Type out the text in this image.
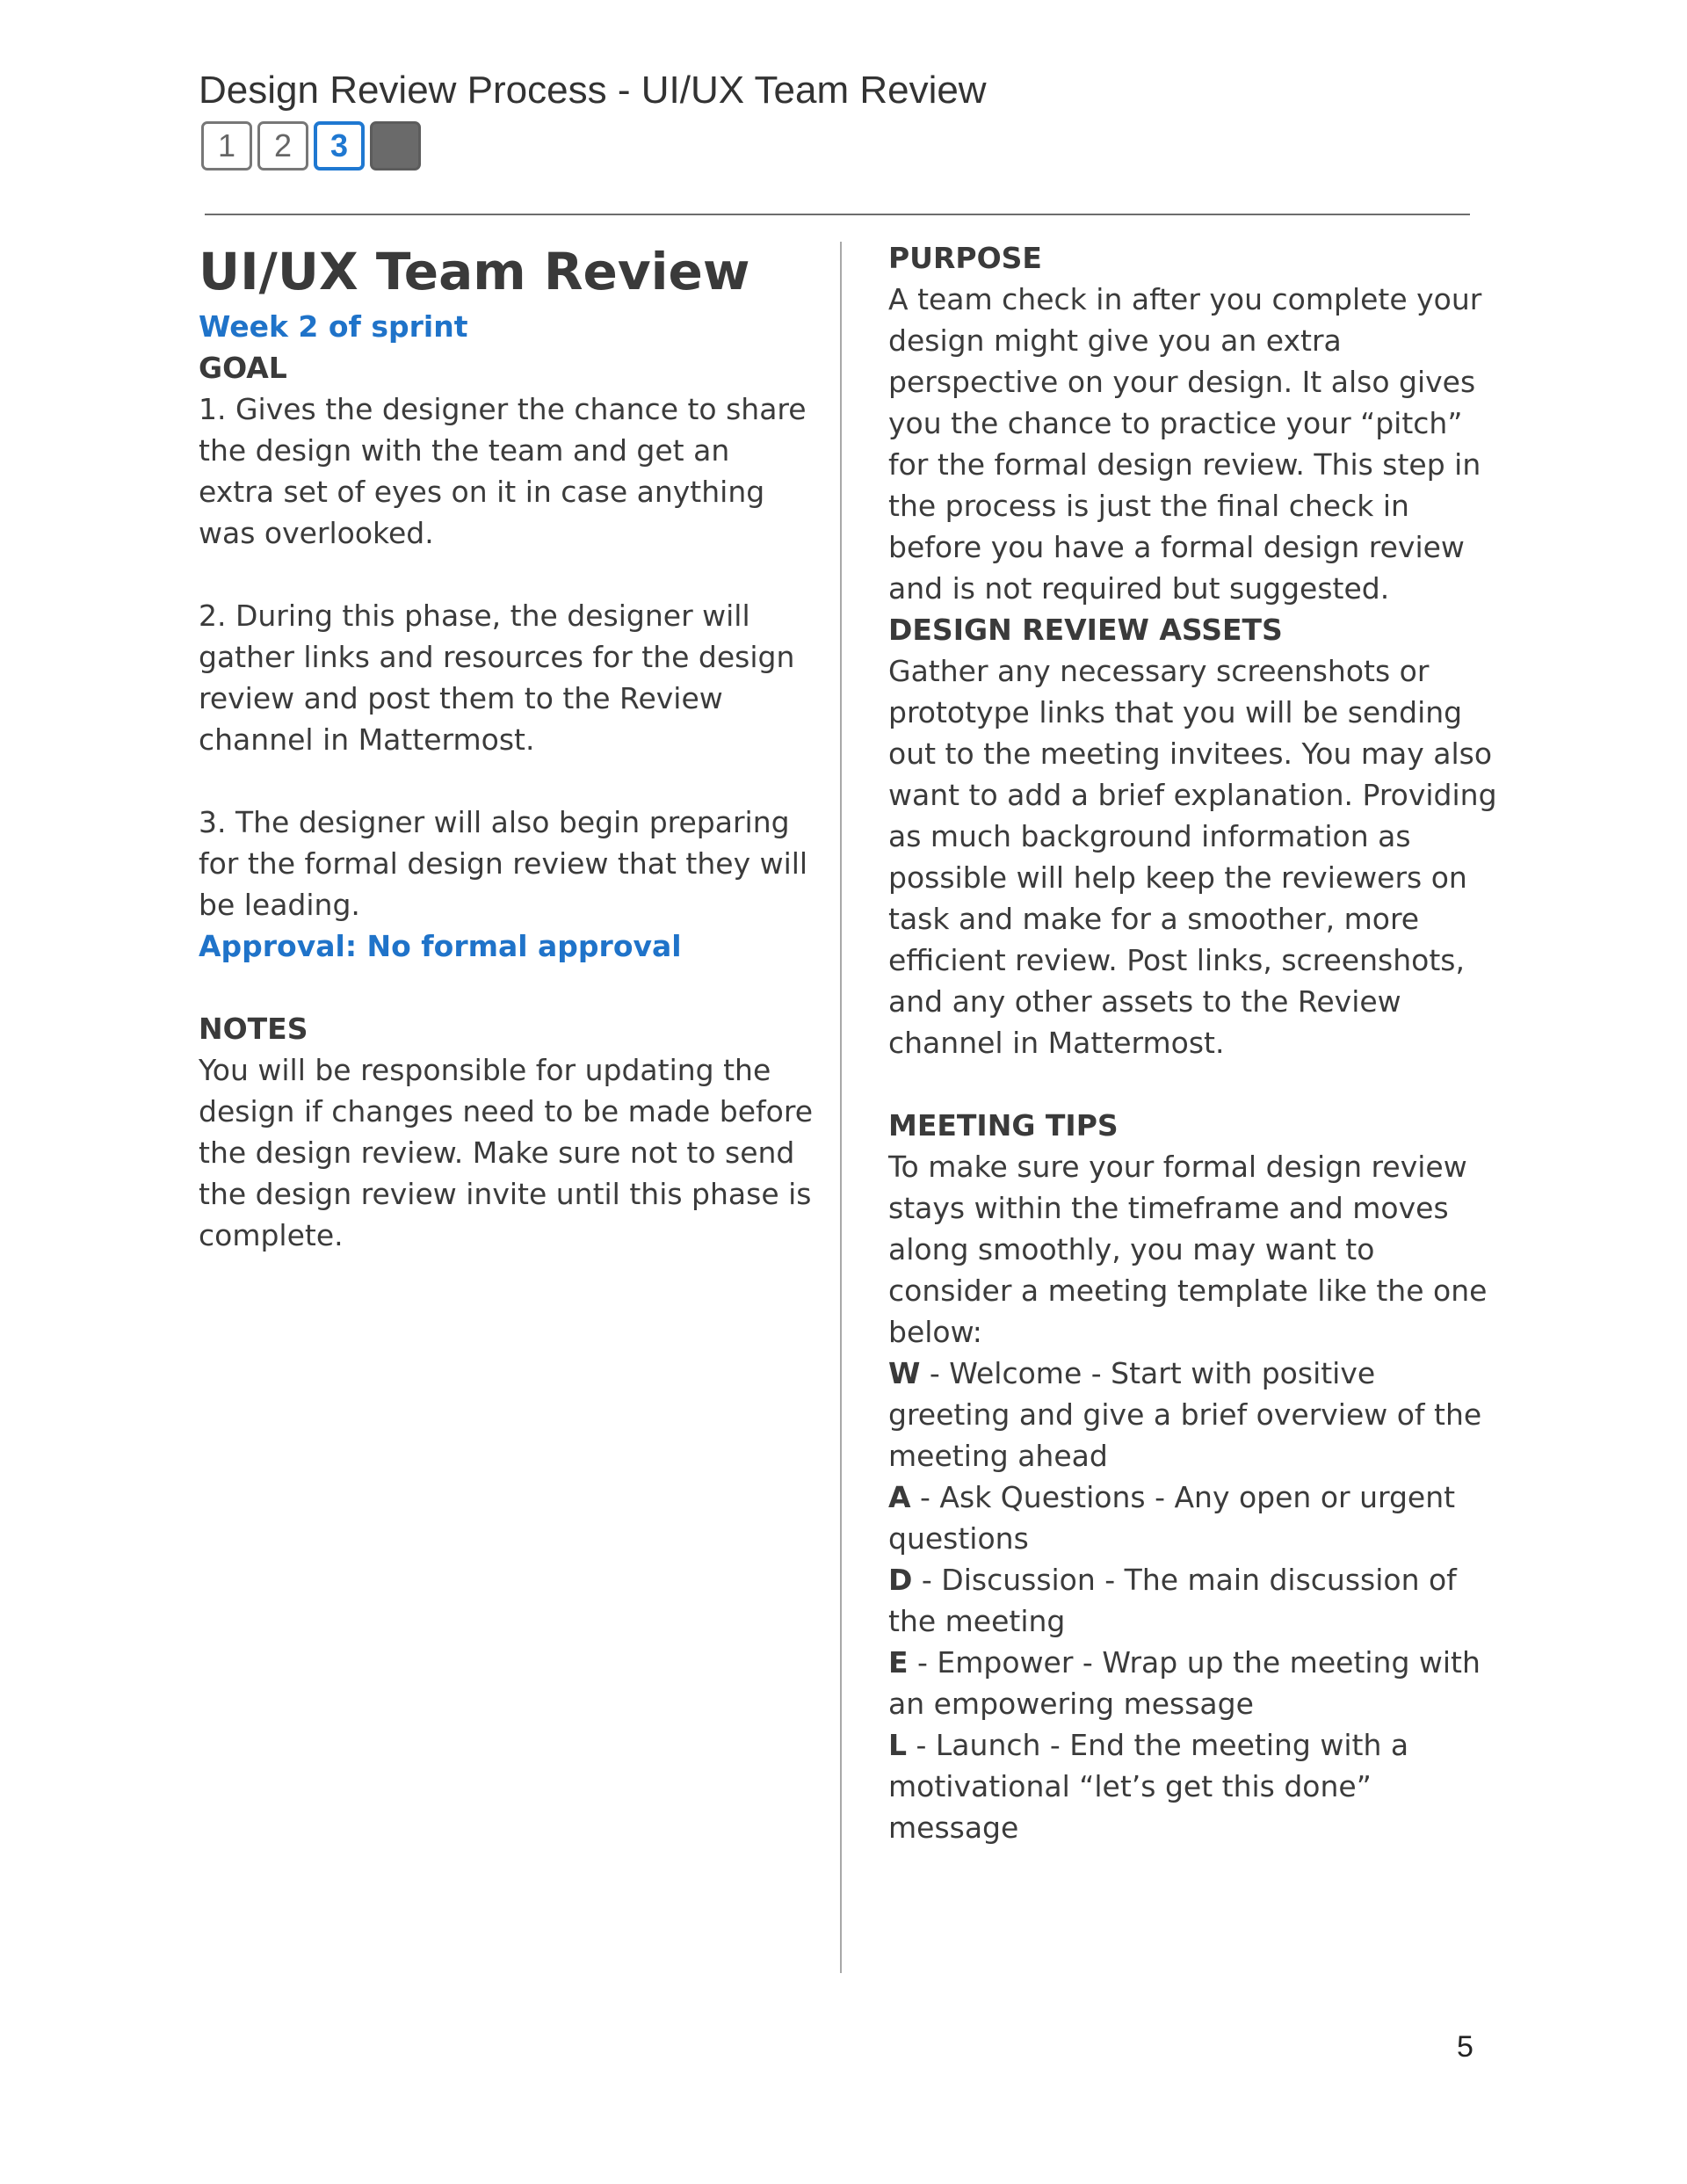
Design Review Process - UI/UX Team Review
1	2	3
UI/UX Team Review
Week 2 of sprint
GOAL

1. Gives the designer the chance to share the design with the team and get an extra set of eyes on it in case anything was overlooked.

2. During this phase, the designer will gather links and resources for the design review and post them to the Review channel in Mattermost.

3. The designer will also begin preparing for the formal design review that they will be leading.

Approval: No formal approval
NOTES

You will be responsible for updating the design if changes need to be made before the design review. Make sure not to send the design review invite until this phase is complete.

PURPOSE

A team check in after you complete your design might give you an extra perspective on your design. It also gives you the chance to practice your “pitch” for the formal design review. This step in the process is just the final check in before you have a formal design review and is not required but suggested.

DESIGN REVIEW ASSETS

Gather any necessary screenshots or prototype links that you will be sending out to the meeting invitees. You may also want to add a brief explanation. Providing as much background information as possible will help keep the reviewers on task and make for a smoother, more efficient review. Post links, screenshots, and any other assets to the Review channel in Mattermost.

MEETING TIPS

To make sure your formal design review stays within the timeframe and moves along smoothly, you may want to consider a meeting template like the one below:

W - Welcome - Start with positive greeting and give a brief overview of the meeting ahead

A - Ask Questions - Any open or urgent questions

D - Discussion - The main discussion of the meeting

E - Empower - Wrap up the meeting with an empowering message

L - Launch - End the meeting with a motivational “let’s get this done” message

5
